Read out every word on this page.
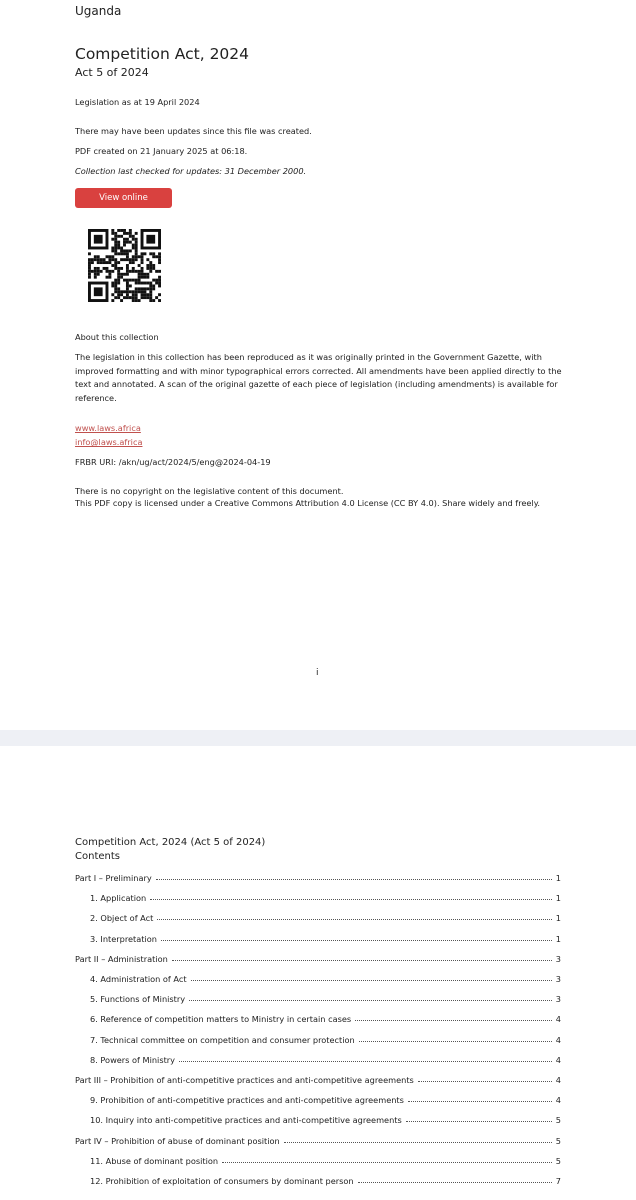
Uganda
Competition Act, 2024
Act 5 of 2024
Legislation as at 19 April 2024
There may have been updates since this file was created.
PDF created on 21 January 2025 at 06:18.
Collection last checked for updates: 31 December 2000.
View online
About this collection
The legislation in this collection has been reproduced as it was originally printed in the Government Gazette, with improved formatting and with minor typographical errors corrected. All amendments have been applied directly to the text and annotated. A scan of the original gazette of each piece of legislation (including amendments) is available for reference.
www.laws.africa
info@laws.africa
FRBR URI: /akn/ug/act/2024/5/eng@2024-04-19
There is no copyright on the legislative content of this document.
This PDF copy is licensed under a Creative Commons Attribution 4.0 License (CC BY 4.0). Share widely and freely.
i
Competition Act, 2024 (Act 5 of 2024)
Contents
Part I – Preliminary	1
1. Application	1
2. Object of Act	1
3. Interpretation	1
Part II – Administration	3
4. Administration of Act	3
5. Functions of Ministry	3
6. Reference of competition matters to Ministry in certain cases	4
7. Technical committee on competition and consumer protection	4
8. Powers of Ministry	4
Part III – Prohibition of anti-competitive practices and anti-competitive agreements	4
9. Prohibition of anti-competitive practices and anti-competitive agreements	4
10. Inquiry into anti-competitive practices and anti-competitive agreements	5
Part IV – Prohibition of abuse of dominant position	5
11. Abuse of dominant position	5
12. Prohibition of exploitation of consumers by dominant person	7
